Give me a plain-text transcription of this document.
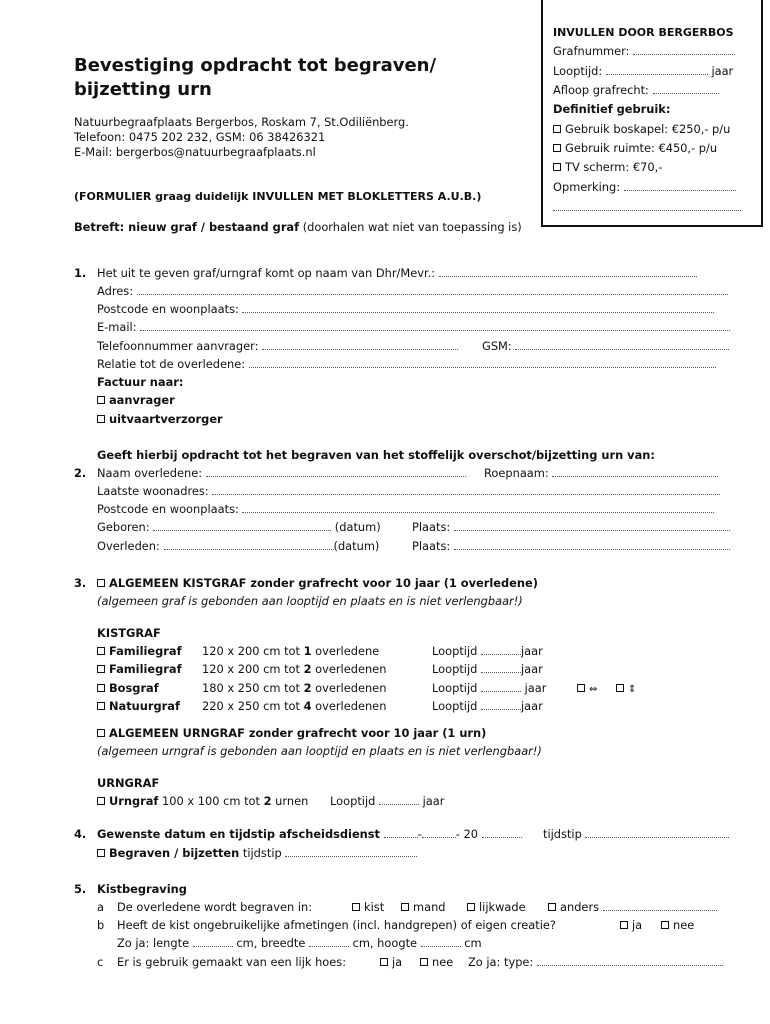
INVULLEN DOOR BERGERBOS
Grafnummer:
Looptijd:	jaar
Afloop grafrecht:
Definitief gebruik:
Gebruik boskapel: €250,- p/u
Gebruik ruimte: €450,- p/u
TV scherm: €70,-
Opmerking:
Bevestiging opdracht tot begraven/
bijzetting urn
Natuurbegraafplaats Bergerbos, Roskam 7, St.Odiliënberg.
Telefoon: 0475 202 232, GSM: 06 38426321
E-Mail: bergerbos@natuurbegraafplaats.nl
(FORMULIER graag duidelijk INVULLEN MET BLOKLETTERS A.U.B.)
Betreft: nieuw graf / bestaand graf (doorhalen wat niet van toepassing is)
1. Het uit te geven graf/urngraf komt op naam van Dhr/Mevr.:
Adres:
Postcode en woonplaats:
E-mail:
Telefoonnummer aanvrager:	GSM:
Relatie tot de overledene:
Factuur naar:
aanvrager
uitvaartverzorger
Geeft hierbij opdracht tot het begraven van het stoffelijk overschot/bijzetting urn van:
2. Naam overledene:	Roepnaam:
Laatste woonadres:
Postcode en woonplaats:
Geboren:	(datum)	Plaats:
Overleden:	(datum)	Plaats:
3.	ALGEMEEN KISTGRAF zonder grafrecht voor 10 jaar (1 overledene)
(algemeen graf is gebonden aan looptijd en plaats en is niet verlengbaar!)
KISTGRAF
Familiegraf 120 x 200 cm tot 1 overledene	Looptijd	jaar
Familiegraf 120 x 200 cm tot 2 overledenen	Looptijd	jaar
Bosgraf	180 x 250 cm tot 2 overledenen	Looptijd	jaar	⇔	⇕
Natuurgraf 220 x 250 cm tot 4 overledenen	Looptijd	jaar
ALGEMEEN URNGRAF zonder grafrecht voor 10 jaar (1 urn)
(algemeen urngraf is gebonden aan looptijd en plaats en is niet verlengbaar!)
URNGRAF
Urngraf 100 x 100 cm tot 2 urnen Looptijd	jaar
4. Gewenste datum en tijdstip afscheidsdienst	-	- 20	tijdstip
Begraven / bijzetten tijdstip
5. Kistbegraving
a De overledene wordt begraven in:	kist	mand	lijkwade	anders
b Heeft de kist ongebruikelijke afmetingen (incl. handgrepen) of eigen creatie?	ja	nee
Zo ja: lengte	cm, breedte	cm, hoogte	cm
c Er is gebruik gemaakt van een lijk hoes:	ja	nee Zo ja: type:
